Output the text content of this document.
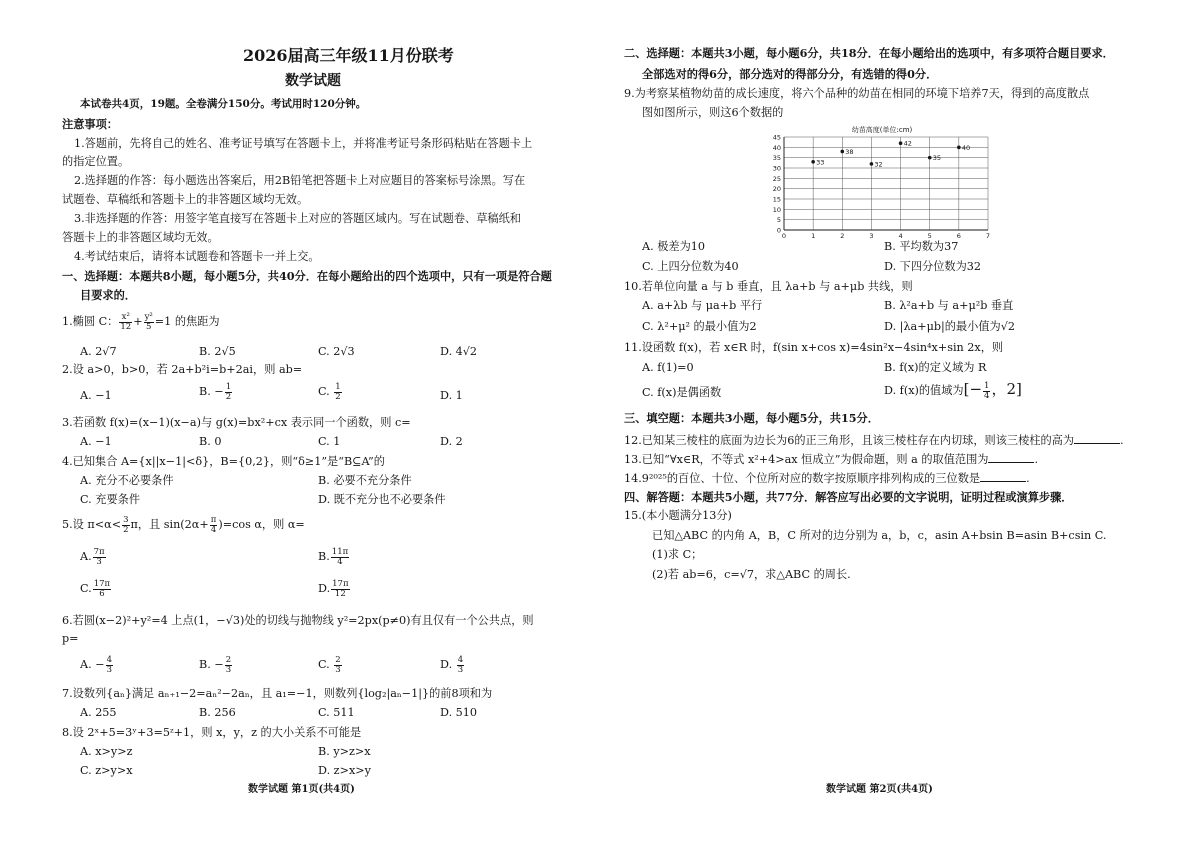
2026届高三年级11月份联考
数学试题
本试卷共4页，19题。全卷满分150分。考试用时120分钟。
注意事项：
1.答题前，先将自己的姓名、准考证号填写在答题卡上，并将准考证号条形码粘贴在答题卡上
的指定位置。
2.选择题的作答：每小题选出答案后，用2B铅笔把答题卡上对应题目的答案标号涂黑。写在
试题卷、草稿纸和答题卡上的非答题区域均无效。
3.非选择题的作答：用签字笔直接写在答题卡上对应的答题区域内。写在试题卷、草稿纸和
答题卡上的非答题区域均无效。
4.考试结束后，请将本试题卷和答题卡一并上交。
一、选择题：本题共8小题，每小题5分，共40分．在每小题给出的四个选项中，只有一项是符合题
目要求的．
1.椭圆 C： $\frac{\text{x²}}{12} + \frac{\text{y²}}{5} =1$ 的焦距为
A. 2√7	B. 2√5	C. 2√3	D. 4√2
2.设 a>0，b>0，若 2a+b²i=b+2ai，则 ab=
A. −1	B. − $\frac{1}{2}$	C. $\frac{1}{2}$	D. 1
3.若函数 f(x)=(x−1)(x−a)与 g(x)=bx²+cx 表示同一个函数，则 c=
A. −1	B. 0	C. 1	D. 2
4.已知集合 A={x||x−1|<δ}，B={0,2}，则“δ≥1”是“B⊆A”的
A. 充分不必要条件	B. 必要不充分条件
C. 充要条件	D. 既不充分也不必要条件
5.设 $\pi<\alpha< \frac{3}{2}$ π，且 $\sin(2\alpha+ \frac{\pi}{4} )=\cos$ α，则 α=
A. $\frac{7\pi}{3}$	B. $\frac{11\pi}{4}$
C. $\frac{17\pi}{6}$	D. $\frac{17\pi}{12}$
6.若圆(x−2)²+y²=4 上点(1，−√3)处的切线与抛物线 y²=2px(p≠0)有且仅有一个公共点，则
p=
A. − $\frac{4}{3}$	B. − $\frac{2}{3}$	C. $\frac{2}{3}$	D. $\frac{4}{3}$
7.设数列{aₙ}满足 aₙ₊₁−2=aₙ²−2aₙ，且 a₁=−1，则数列{log₂|aₙ−1|}的前8项和为
A. 255	B. 256	C. 511	D. 510
8.设 2ˣ+5=3ʸ+3=5ᶻ+1，则 x，y，z 的大小关系不可能是
A. x>y>z	B. y>z>x
C. z>y>x	D. z>x>y
数学试题 第1页(共4页)
二、选择题：本题共3小题，每小题6分，共18分．在每小题给出的选项中，有多项符合题目要求．
全部选对的得6分，部分选对的得部分分，有选错的得0分．
9.为考察某植物幼苗的成长速度，将六个品种的幼苗在相同的环境下培养7天，得到的高度散点
图如图所示，则这6个数据的
幼苗高度(单位:cm)
0
5
10
15
20
25
30
35
40
45
0	1	2	3	4	5	6	7
33
38
32
42
35
40
A. 极差为10	B. 平均数为37
C. 上四分位数为40	D. 下四分位数为32
10.若单位向量 a 与 b 垂直，且 λa+b 与 a+μb 共线，则
A. a+λb 与 μa+b 平行	B. λ²a+b 与 a+μ²b 垂直
C. λ²+μ² 的最小值为2	D. |λa+μb|的最小值为√2
11.设函数 f(x)，若 x∈R 时，f(sin x+cos x)=4sin²x−4sin⁴x+sin 2x，则
A. f(1)=0	B. f(x)的定义域为 R
C. f(x)是偶函数	D. f(x)的值域为[− $\frac{1}{4}$ ，2]
三、填空题：本题共3小题，每小题5分，共15分．
12.已知某三棱柱的底面为边长为6的正三角形，且该三棱柱存在内切球，则该三棱柱的高为	.
13.已知“∀x∈R，不等式 x²+4>ax 恒成立”为假命题，则 a 的取值范围为	.
14.9²⁰²⁵的百位、十位、个位所对应的数字按原顺序排列构成的三位数是	.
四、解答题：本题共5小题，共77分．解答应写出必要的文字说明，证明过程或演算步骤．
15.(本小题满分13分)
已知△ABC 的内角 A，B，C 所对的边分别为 a，b，c，asin A+bsin B=asin B+csin C.
(1)求 C；
(2)若 ab=6，c=√7，求△ABC 的周长.
数学试题 第2页(共4页)
